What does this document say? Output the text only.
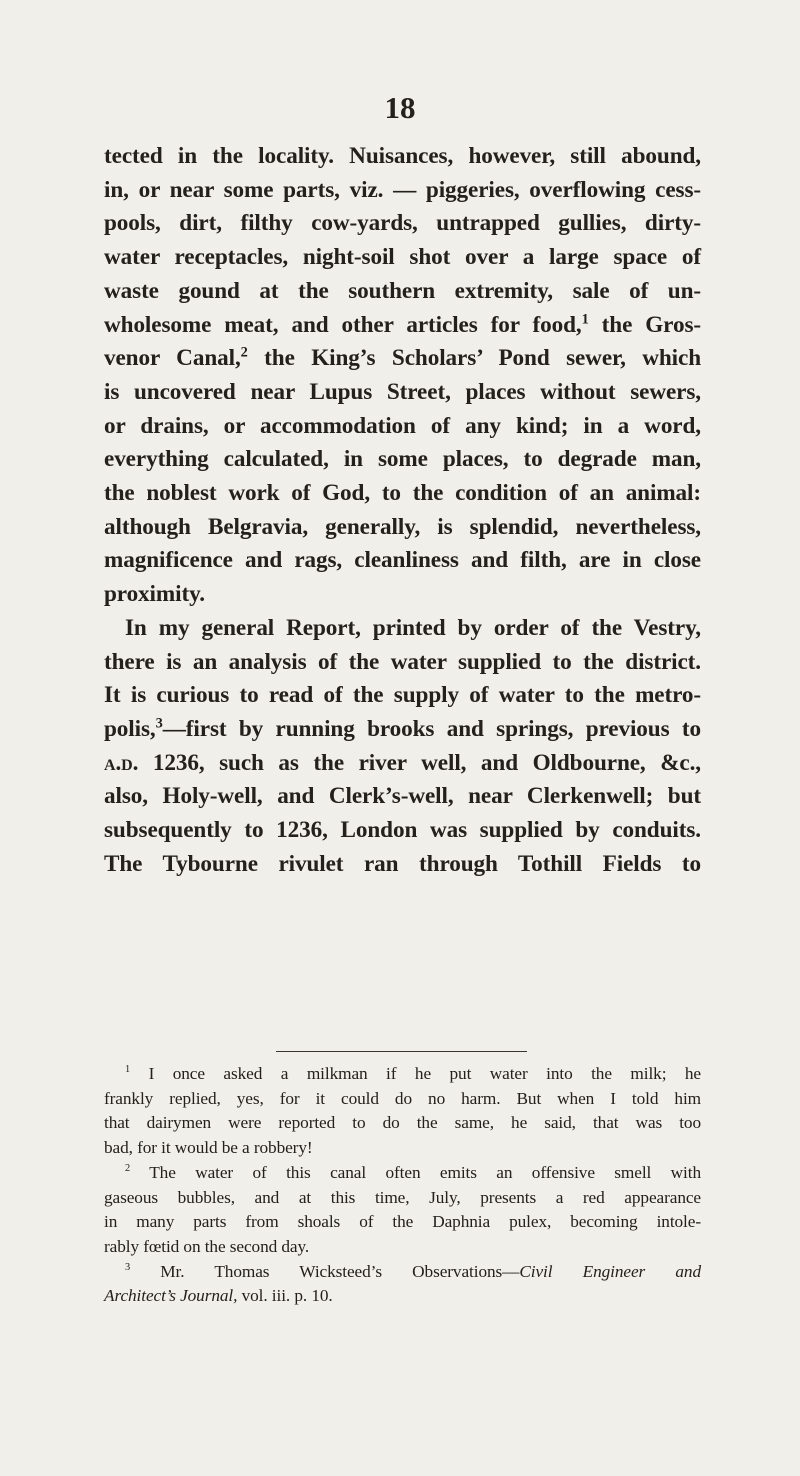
18
tected in the locality. Nuisances, however, still abound,
in, or near some parts, viz. — piggeries, overflowing cess-
pools, dirt, filthy cow-yards, untrapped gullies, dirty-
water receptacles, night-soil shot over a large space of
waste gound at the southern extremity, sale of un-
wholesome meat, and other articles for food,$^1$ the Gros-
venor Canal,$^2$ the King’s Scholars’ Pond sewer, which
is uncovered near Lupus Street, places without sewers,
or drains, or accommodation of any kind; in a word,
everything calculated, in some places, to degrade man,
the noblest work of God, to the condition of an animal:
although Belgravia, generally, is splendid, nevertheless,
magnificence and rags, cleanliness and filth, are in close
proximity.
In my general Report, printed by order of the Vestry,
there is an analysis of the water supplied to the district.
It is curious to read of the supply of water to the metro-
polis,$^3$—first by running brooks and springs, previous to
a.d. 1236, such as the river well, and Oldbourne, &c.,
also, Holy-well, and Clerk’s-well, near Clerkenwell; but
subsequently to 1236, London was supplied by conduits.
The Tybourne rivulet ran through Tothill Fields to
$^1$ I once asked a milkman if he put water into the milk; he
frankly replied, yes, for it could do no harm. But when I told him
that dairymen were reported to do the same, he said, that was too
bad, for it would be a robbery!
$^2$ The water of this canal often emits an offensive smell with
gaseous bubbles, and at this time, July, presents a red appearance
in many parts from shoals of the Daphnia pulex, becoming intole-
rably fœtid on the second day.
$^3$ Mr. Thomas Wicksteed’s Observations—Civil Engineer and
Architect’s Journal, vol. iii. p. 10.
